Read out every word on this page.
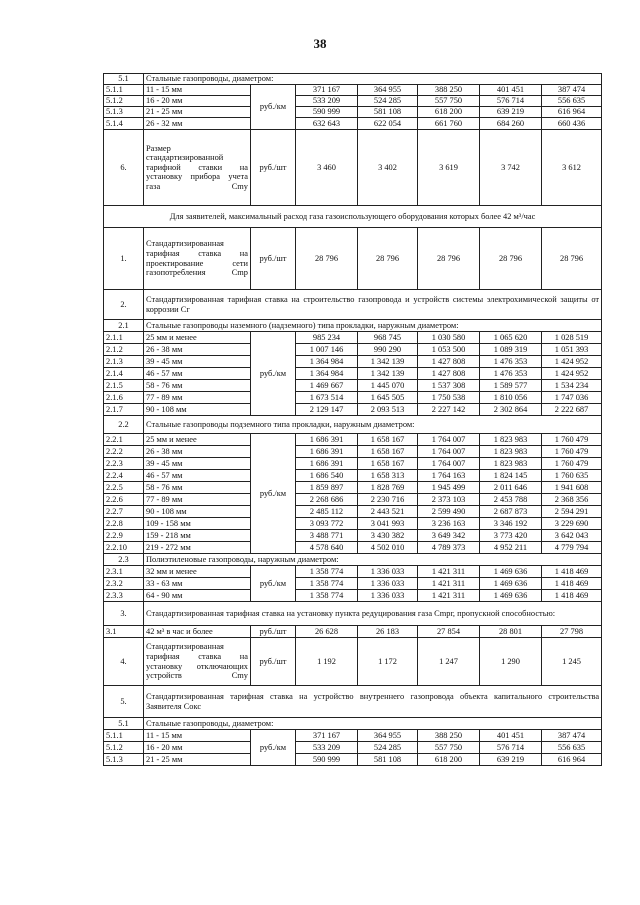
38
5.1	Стальные газопроводы, диаметром:						
5.1.1	11 - 15 мм	руб./км	371 167	364 955	388 250	401 451	387 474
5.1.2	16 - 20 мм		533 209	524 285	557 750	576 714	556 635
5.1.3	21 - 25 мм		590 999	581 108	618 200	639 219	616 964
5.1.4	26 - 32 мм		632 643	622 054	661 760	684 260	660 436
6.	Размер стандартизированной тарифной ставки на установку прибора учета газа Сmy	руб./шт	3 460	3 402	3 619	3 742	3 612
Для заявителей, максимальный расход газа газоиспользующего оборудования которых более 42 м³/час							
1.	Стандартизированная тарифная ставка на проектирование сети газопотребления Сmp	руб./шт	28 796	28 796	28 796	28 796	28 796
2.	Стандартизированная тарифная ставка на строительство газопровода и устройств системы электрохимической защиты от коррозии Сг						
2.1	Стальные газопроводы наземного (надземного) типа прокладки, наружным диаметром:						
2.1.1	25 мм и менее	руб./км	985 234	968 745	1 030 580	1 065 620	1 028 519
2.1.2	26 - 38 мм		1 007 146	990 290	1 053 500	1 089 319	1 051 393
2.1.3	39 - 45 мм		1 364 984	1 342 139	1 427 808	1 476 353	1 424 952
2.1.4	46 - 57 мм		1 364 984	1 342 139	1 427 808	1 476 353	1 424 952
2.1.5	58 - 76 мм		1 469 667	1 445 070	1 537 308	1 589 577	1 534 234
2.1.6	77 - 89 мм		1 673 514	1 645 505	1 750 538	1 810 056	1 747 036
2.1.7	90 - 108 мм		2 129 147	2 093 513	2 227 142	2 302 864	2 222 687
2.2	Стальные газопроводы подземного типа прокладки, наружным диаметром:						
2.2.1	25 мм и менее	руб./км	1 686 391	1 658 167	1 764 007	1 823 983	1 760 479
2.2.2	26 - 38 мм		1 686 391	1 658 167	1 764 007	1 823 983	1 760 479
2.2.3	39 - 45 мм		1 686 391	1 658 167	1 764 007	1 823 983	1 760 479
2.2.4	46 - 57 мм		1 686 540	1 658 313	1 764 163	1 824 145	1 760 635
2.2.5	58 - 76 мм		1 859 897	1 828 769	1 945 499	2 011 646	1 941 608
2.2.6	77 - 89 мм		2 268 686	2 230 716	2 373 103	2 453 788	2 368 356
2.2.7	90 - 108 мм		2 485 112	2 443 521	2 599 490	2 687 873	2 594 291
2.2.8	109 - 158 мм		3 093 772	3 041 993	3 236 163	3 346 192	3 229 690
2.2.9	159 - 218 мм		3 488 771	3 430 382	3 649 342	3 773 420	3 642 043
2.2.10	219 - 272 мм		4 578 640	4 502 010	4 789 373	4 952 211	4 779 794
2.3	Полиэтиленовые газопроводы, наружным диаметром:						
2.3.1	32 мм и менее	руб./км	1 358 774	1 336 033	1 421 311	1 469 636	1 418 469
2.3.2	33 - 63 мм		1 358 774	1 336 033	1 421 311	1 469 636	1 418 469
2.3.3	64 - 90 мм		1 358 774	1 336 033	1 421 311	1 469 636	1 418 469
3.	Стандартизированная тарифная ставка на установку пункта редуцирования газа Сmpг, пропускной способностью:						
3.1	42 м³ в час и более	руб./шт	26 628	26 183	27 854	28 801	27 798
4.	Стандартизированная тарифная ставка на установку отключающих устройств Сmy	руб./шт	1 192	1 172	1 247	1 290	1 245
5.	Стандартизированная тарифная ставка на устройство внутреннего газопровода объекта капитального строительства Заявителя Сокс						
5.1	Стальные газопроводы, диаметром:						
5.1.1	11 - 15 мм	руб./км	371 167	364 955	388 250	401 451	387 474
5.1.2	16 - 20 мм		533 209	524 285	557 750	576 714	556 635
5.1.3	21 - 25 мм		590 999	581 108	618 200	639 219	616 964
